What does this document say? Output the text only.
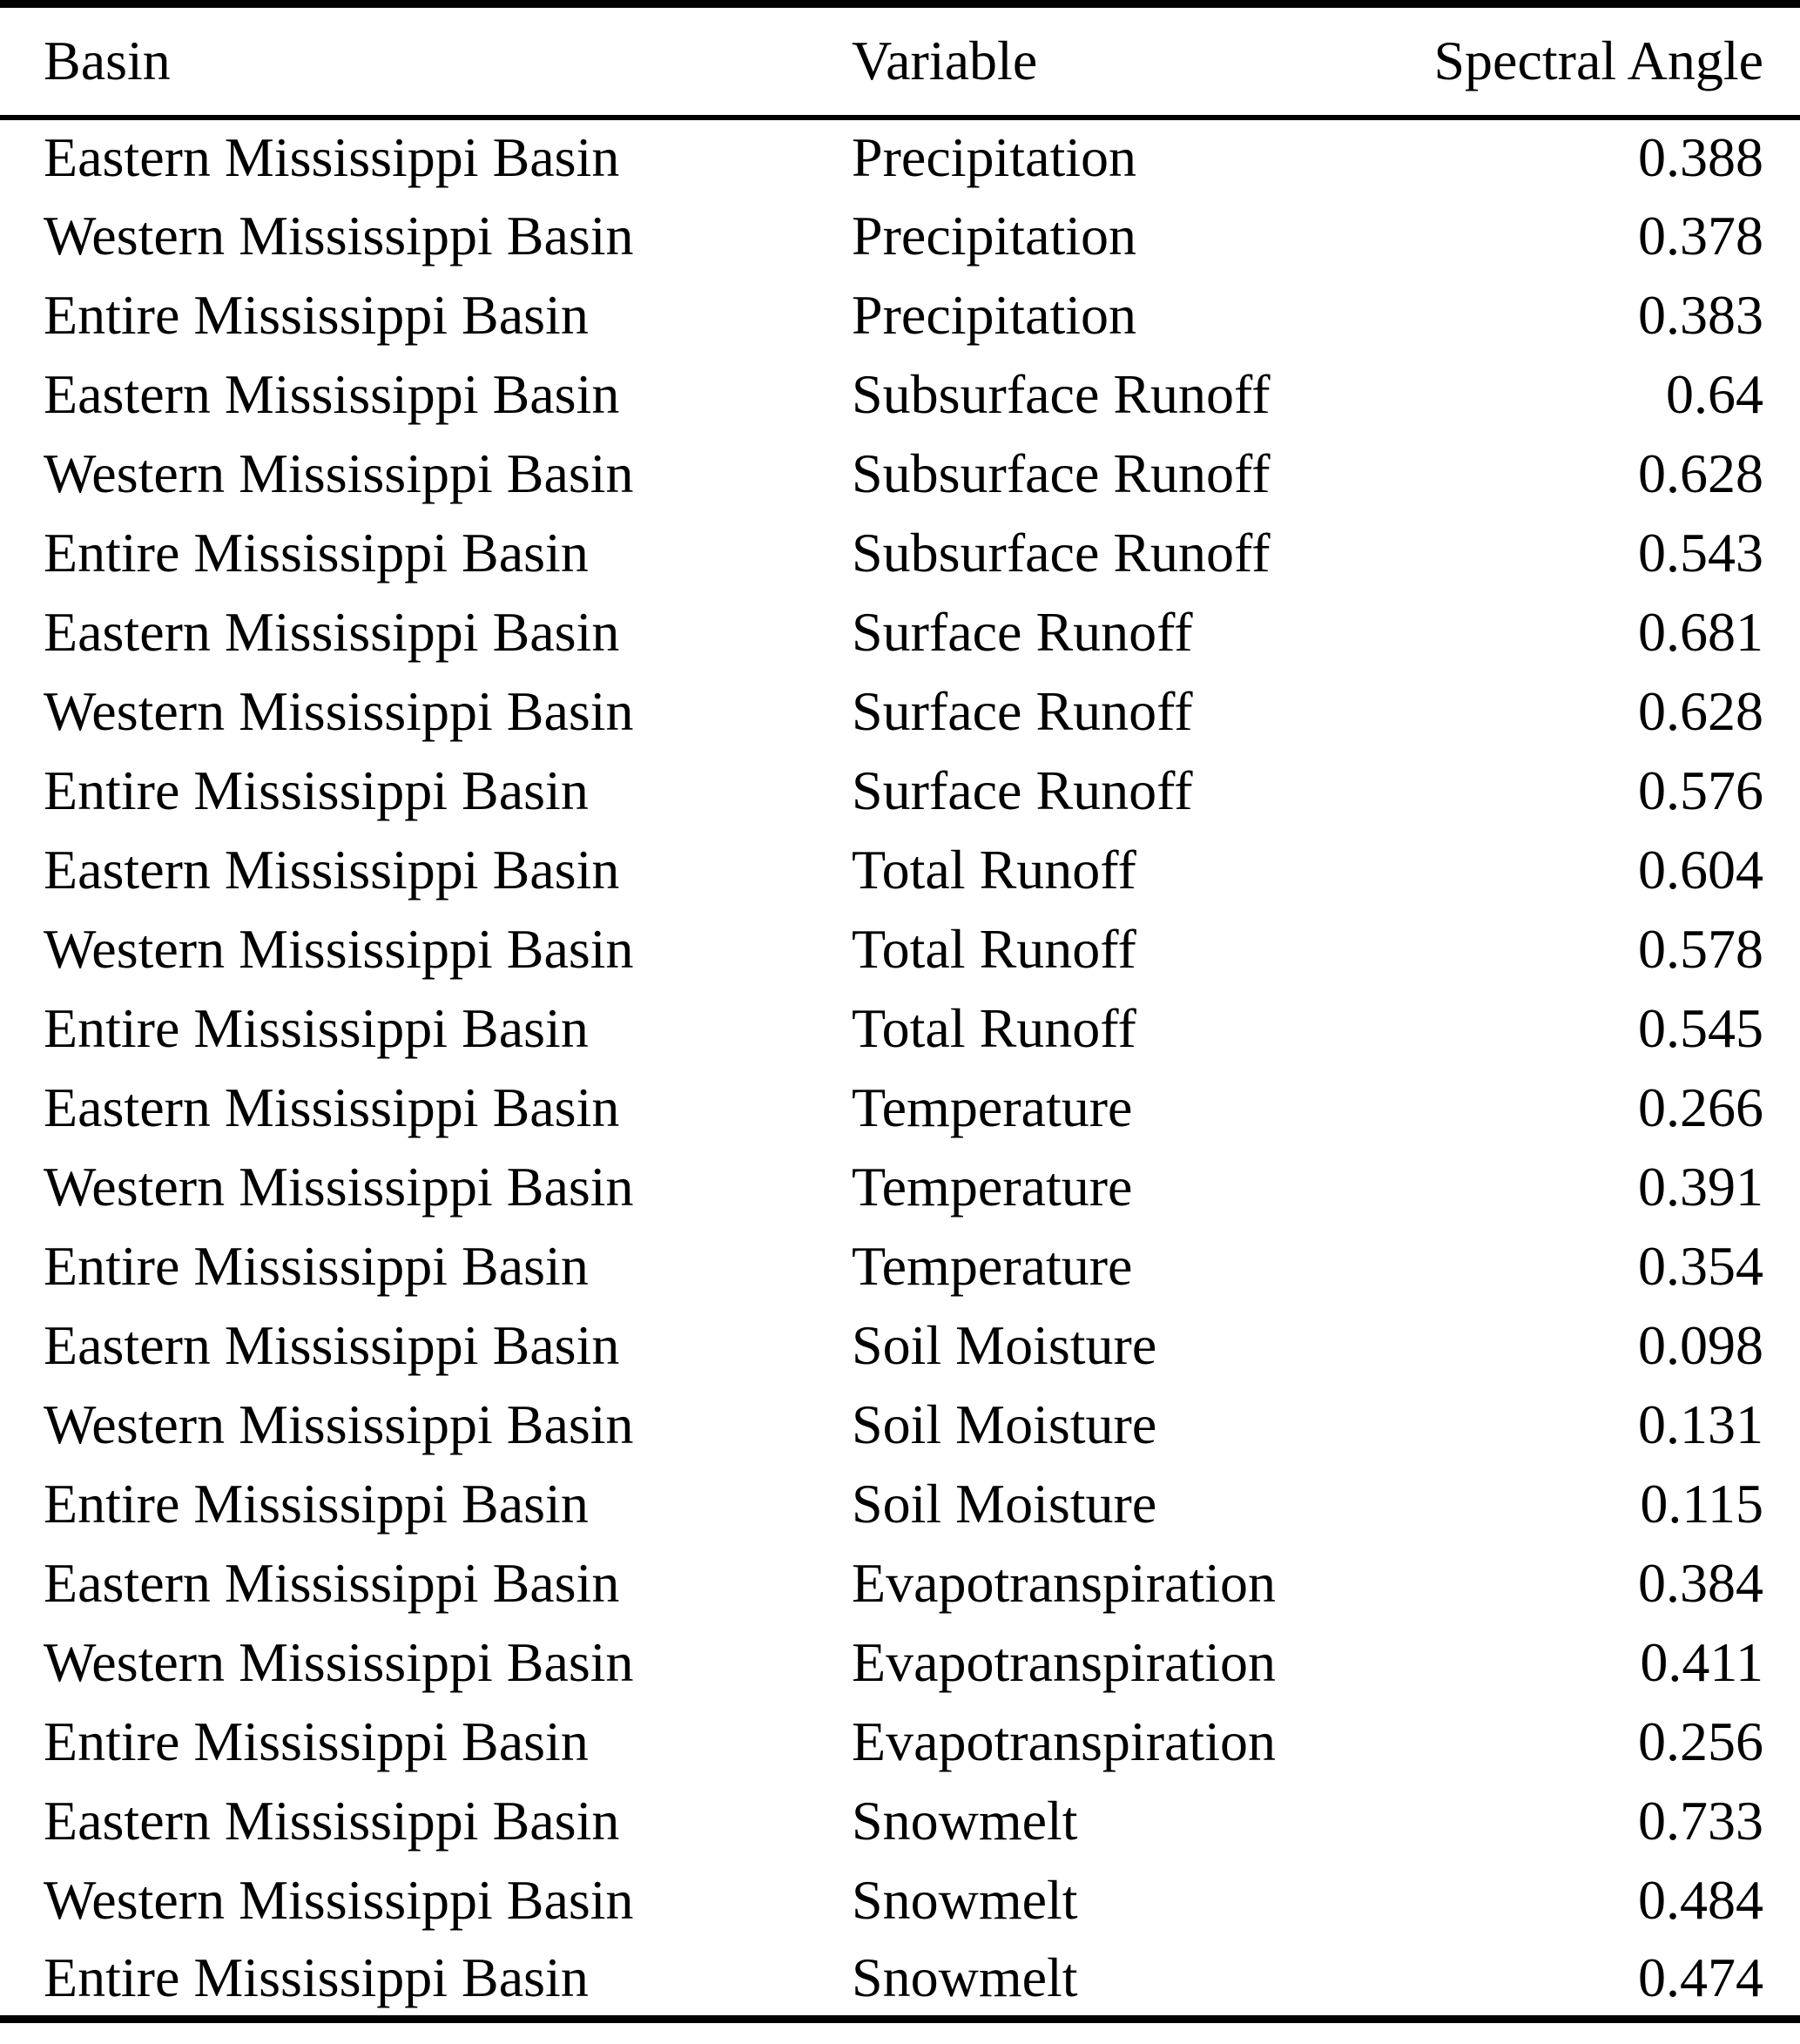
Basin	Variable	Spectral Angle
Eastern Mississippi Basin	Precipitation	0.388
Western Mississippi Basin	Precipitation	0.378
Entire Mississippi Basin	Precipitation	0.383
Eastern Mississippi Basin	Subsurface Runoff	0.64
Western Mississippi Basin	Subsurface Runoff	0.628
Entire Mississippi Basin	Subsurface Runoff	0.543
Eastern Mississippi Basin	Surface Runoff	0.681
Western Mississippi Basin	Surface Runoff	0.628
Entire Mississippi Basin	Surface Runoff	0.576
Eastern Mississippi Basin	Total Runoff	0.604
Western Mississippi Basin	Total Runoff	0.578
Entire Mississippi Basin	Total Runoff	0.545
Eastern Mississippi Basin	Temperature	0.266
Western Mississippi Basin	Temperature	0.391
Entire Mississippi Basin	Temperature	0.354
Eastern Mississippi Basin	Soil Moisture	0.098
Western Mississippi Basin	Soil Moisture	0.131
Entire Mississippi Basin	Soil Moisture	0.115
Eastern Mississippi Basin	Evapotranspiration	0.384
Western Mississippi Basin	Evapotranspiration	0.411
Entire Mississippi Basin	Evapotranspiration	0.256
Eastern Mississippi Basin	Snowmelt	0.733
Western Mississippi Basin	Snowmelt	0.484
Entire Mississippi Basin	Snowmelt	0.474
